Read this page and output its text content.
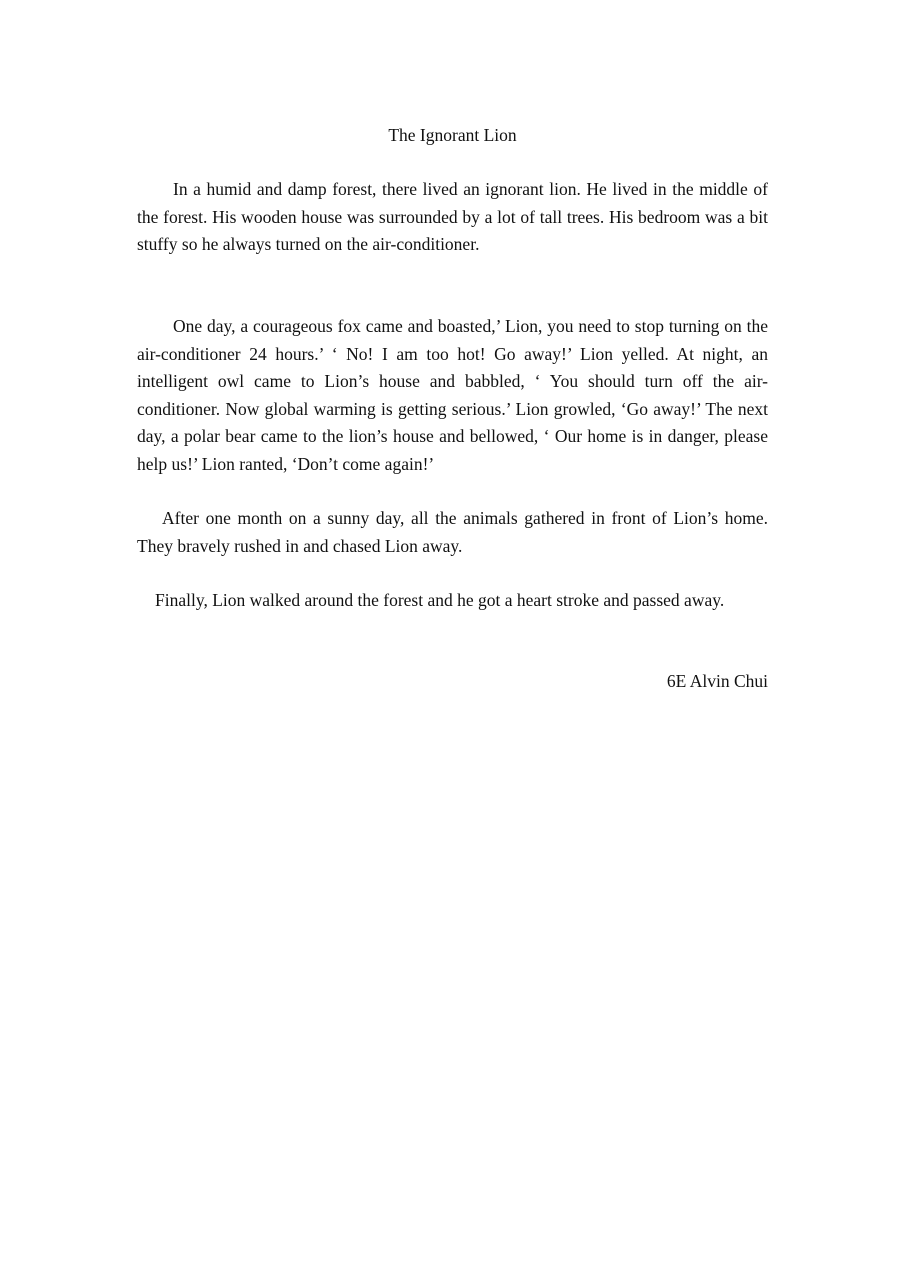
The Ignorant Lion

In a humid and damp forest, there lived an ignorant lion. He lived in the middle of the forest. His wooden house was surrounded by a lot of tall trees. His bedroom was a bit stuffy so he always turned on the air-conditioner.

One day, a courageous fox came and boasted,’ Lion, you need to stop turning on the air-conditioner 24 hours.’ ‘ No! I am too hot! Go away!’ Lion yelled. At night, an intelligent owl came to Lion’s house and babbled, ‘ You should turn off the air-conditioner. Now global warming is getting serious.’ Lion growled, ‘Go away!’ The next day, a polar bear came to the lion’s house and bellowed, ‘ Our home is in danger, please help us!’ Lion ranted, ‘Don’t come again!’

After one month on a sunny day, all the animals gathered in front of Lion’s home. They bravely rushed in and chased Lion away.

Finally, Lion walked around the forest and he got a heart stroke and passed away.

6E Alvin Chui
